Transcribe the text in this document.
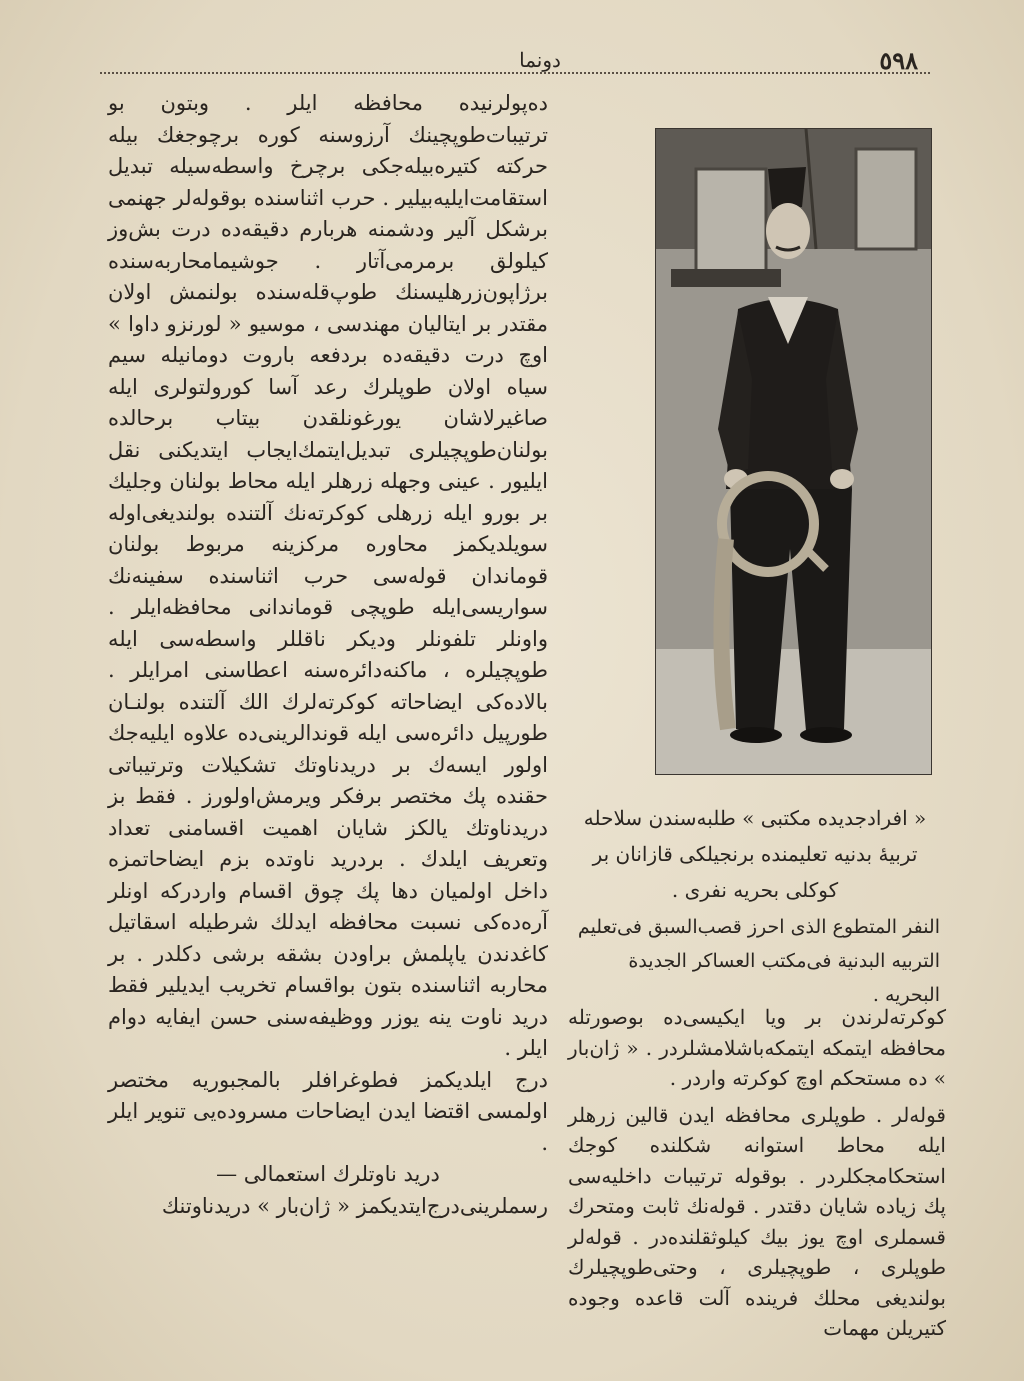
دونما	٥٩٨

ده‌پولرنیده محافظه ایلر . وبتون بو ترتیبات‌طوپچینك آرزوسنه کوره برچوجغك بیله حرکته کتیره‌بیله‌جکی برچرخ واسطه‌سیله تبدیل استقامت‌ایلیه‌بیلیر . حرب اثناسنده بوقوله‌لر جهنمی برشکل آلیر ودشمنه هربارم دقیقه‌ده درت بش‌وز کیلولق برمرمی‌آتار . جوشیمامحاربه‌سنده برژاپون‌زرهلیسنك طوپ‌قله‌سنده بولنمش اولان مقتدر بر ایتالیان مهندسی ، موسیو « لورنزو داوا » اوچ درت دقیقه‌ده بردفعه باروت دومانیله سیم سیاه اولان طوپلرك رعد آسا کورولتولری ایله صاغیرلاشان یورغونلقدن بیتاب برحالده بولنان‌طوپچیلری تبدیل‌ایتمك‌ایجاب ایتدیکنی نقل ایلیور . عینی وجهله زرهلر ایله محاط بولنان وجلیك بر بورو ایله زرهلی کوکرته‌نك آلتنده بولندیغی‌اوله سویلدیکمز محاوره مرکزینه مربوط بولنان قوماندان قوله‌سی حرب اثناسنده سفینه‌نك سواریسی‌ایله طوپچی قوماندانی محافظه‌ایلر . واونلر تلفونلر ودیکر ناقللر واسطه‌سی ایله طوپچیلره ، ماکنه‌دائره‌سنه اعطاسنی امرایلر . بالاده‌کی ایضاحاته کوکرته‌لرك الك آلتنده بولنـان طورپیل دائره‌سی ایله قوندالرینی‌ده علاوه ایلیه‌جك اولور ایسه‌ك بر دریدناوتك تشکیلات وترتیباتی حقنده پك مختصر برفکر ویرمش‌اولورز . فقط بز دریدناوتك یالکز شایان اهمیت اقسامنی تعداد وتعریف ایلدك . بردرید ناوتده بزم ایضاحاتمزه داخل اولمیان دها پك چوق اقسام واردرکه اونلر آره‌ده‌کی نسبت محافظه ایدلك شرطیله اسقاتیل کاغدندن یاپلمش براودن بشقه برشی دکلدر . بر محاربه اثناسنده بتون بواقسام تخریب ایدیلیر فقط درید ناوت ینه یوزر ووظیفه‌سنی حسن ایفایه دوام ایلر .

درج ایلدیکمز فطوغرافلر بالمجبوریه مختصر اولمسی اقتضا ایدن ایضاحات مسروده‌یی تنویر ایلر .

درید ناوتلرك استعمالی —

رسملرینی‌درج‌ایتدیکمز « ژان‌بار » دریدناوتنك

« افرادجدیده مکتبی » طلبه‌سندن سلاحله تربیهٔ بدنیه تعلیمنده برنجیلکی قازانان بر کوکلی بحریه نفری .
النفر المتطوع الذی احرز قصب‌السبق فی‌تعلیم التربیه البدنیة فی‌مکتب العساکر الجدیدة البحریه .

کوکرته‌لرندن بر ویا ایکیسی‌ده بوصورتله محافظه ایتمکه ایتمکه‌باشلامشلردر . « ژان‌بار » ده مستحکم اوچ کوکرته واردر .

قوله‌لر . طوپلری محافظه ایدن قالین زرهلر ایله محاط استوانه شکلنده کوجك استحکامجکلردر . بوقوله ترتیبات داخلیه‌سی پك زیاده شایان دقتدر . قوله‌نك ثابت ومتحرك قسملری اوچ یوز بیك کیلوثقلنده‌در . قوله‌لر طوپلری ، طوپچیلری ، وحتی‌طوپچیلرك بولندیغی محلك فرینده آلت قاعده وجوده کتیریلن مهمات
